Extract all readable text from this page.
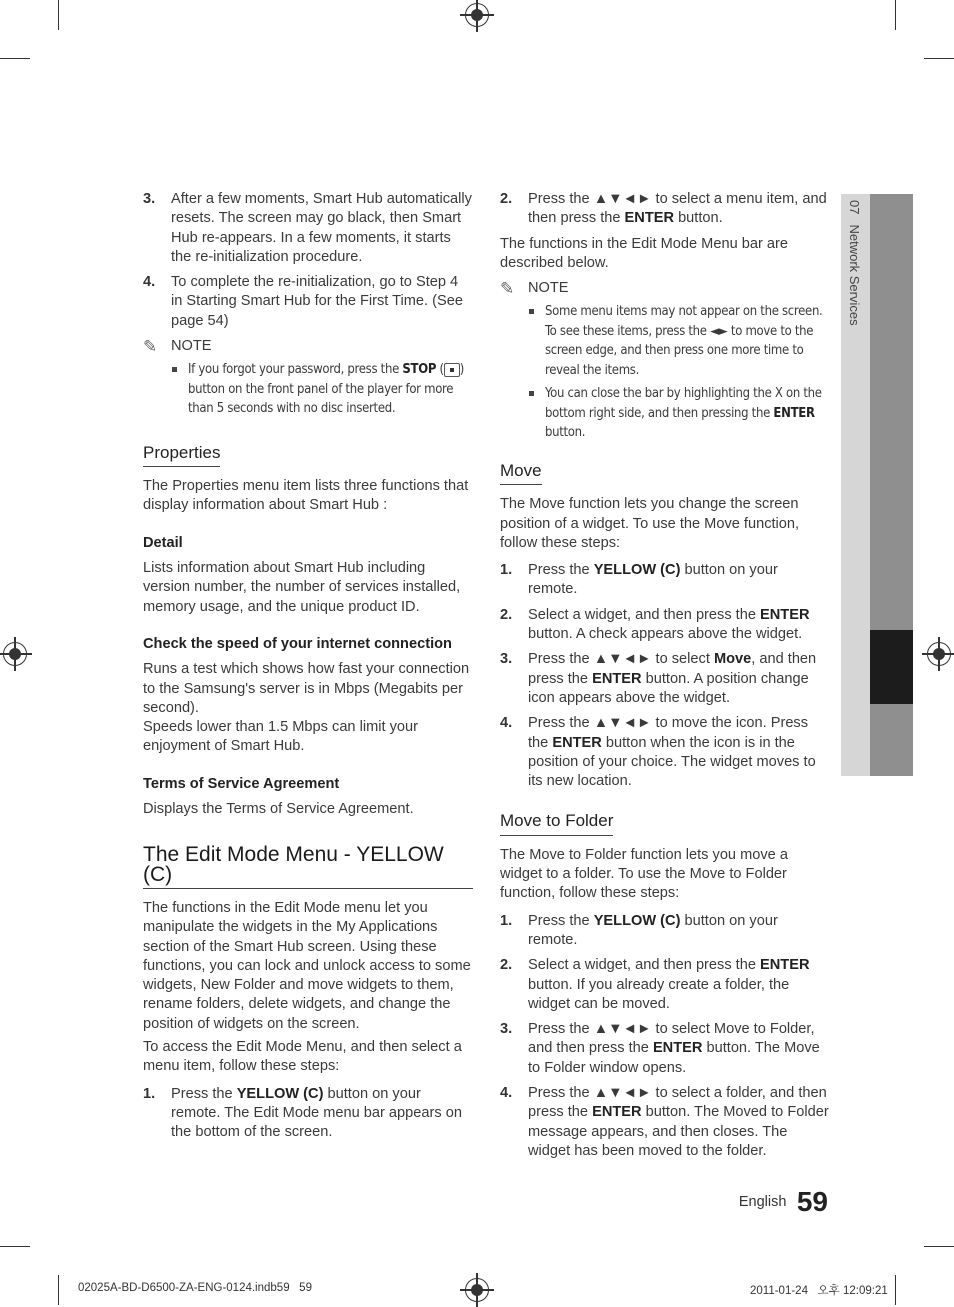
07Network Services
3. After a few moments, Smart Hub automatically resets. The screen may go black, then Smart Hub re-appears. In a few moments, it starts the re-initialization procedure.
4. To complete the re-initialization, go to Step 4 in Starting Smart Hub for the First Time. (See page 54)
✎ NOTE
If you forgot your password, press the STOP ( ) button on the front panel of the player for more than 5 seconds with no disc inserted.
Properties

The Properties menu item lists three functions that display information about Smart Hub :

Detail

Lists information about Smart Hub including version number, the number of services installed, memory usage, and the unique product ID.

Check the speed of your internet connection

Runs a test which shows how fast your connection to the Samsung's server is in Mbps (Megabits per second).

Speeds lower than 1.5 Mbps can limit your enjoyment of Smart Hub.

Terms of Service Agreement

Displays the Terms of Service Agreement.

The Edit Mode Menu - YELLOW (C)

The functions in the Edit Mode menu let you manipulate the widgets in the My Applications section of the Smart Hub screen. Using these functions, you can lock and unlock access to some widgets, New Folder and move widgets to them, rename folders, delete widgets, and change the position of widgets on the screen.

To access the Edit Mode Menu, and then select a menu item, follow these steps:

1. Press the YELLOW (C) button on your remote. The Edit Mode menu bar appears on the bottom of the screen.
2. Press the ▲▼◄► to select a menu item, and then press the ENTER button.

The functions in the Edit Mode Menu bar are described below.

✎ NOTE
Some menu items may not appear on the screen. To see these items, press the ◄► to move to the screen edge, and then press one more time to reveal the items.
You can close the bar by highlighting the X on the bottom right side, and then pressing the ENTER button.
Move

The Move function lets you change the screen position of a widget. To use the Move function, follow these steps:

1. Press the YELLOW (C) button on your remote.
2. Select a widget, and then press the ENTER button. A check appears above the widget.
3. Press the ▲▼◄► to select Move, and then press the ENTER button. A position change icon appears above the widget.
4. Press the ▲▼◄► to move the icon. Press the ENTER button when the icon is in the position of your choice. The widget moves to its new location.
Move to Folder

The Move to Folder function lets you move a widget to a folder. To use the Move to Folder function, follow these steps:

1. Press the YELLOW (C) button on your remote.
2. Select a widget, and then press the ENTER button. If you already create a folder, the widget can be moved.
3. Press the ▲▼◄► to select Move to Folder, and then press the ENTER button. The Move to Folder window opens.
4. Press the ▲▼◄► to select a folder, and then press the ENTER button. The Moved to Folder message appears, and then closes. The widget has been moved to the folder.
English 59
02025A-BD-D6500-ZA-ENG-0124.indb59   59	2011-01-24   오후 12:09:21
